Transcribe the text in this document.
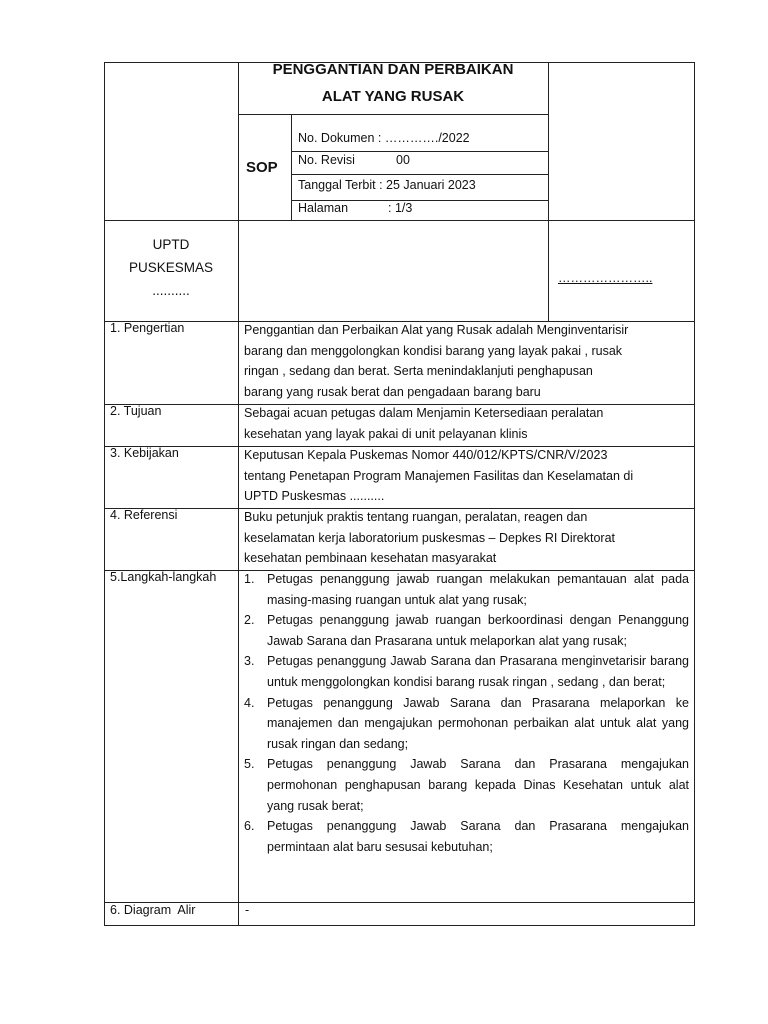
PENGGANTIAN DAN PERBAIKAN
ALAT YANG RUSAK
SOP
No. Dokumen : …………./2022
No. Revisi	00
Tanggal Terbit : 25 Januari 2023
Halaman	: 1/3
UPTD
PUSKESMAS
..........
…………………..
1. Pengertian	Penggantian dan Perbaikan Alat yang Rusak adalah Menginventarisir
barang dan menggolongkan kondisi barang yang layak pakai , rusak
ringan , sedang dan berat. Serta menindaklanjuti penghapusan
barang yang rusak berat dan pengadaan barang baru
2. Tujuan	Sebagai acuan petugas dalam Menjamin Ketersediaan peralatan
kesehatan yang layak pakai di unit pelayanan klinis
3. Kebijakan	Keputusan Kepala Puskemas Nomor 440/012/KPTS/CNR/V/2023
tentang Penetapan Program Manajemen Fasilitas dan Keselamatan di
UPTD Puskesmas ..........
4. Referensi	Buku petunjuk praktis tentang ruangan, peralatan, reagen dan
keselamatan kerja laboratorium puskesmas – Depkes RI Direktorat
kesehatan pembinaan kesehatan masyarakat
5.Langkah-langkah 1. Petugas penanggung jawab ruangan melakukan pemantauan alat pada masing-masing ruangan untuk alat yang rusak;
2. Petugas penanggung jawab ruangan berkoordinasi dengan Penanggung Jawab Sarana dan Prasarana untuk melaporkan alat yang rusak;
3. Petugas penanggung Jawab Sarana dan Prasarana menginvetarisir barang untuk menggolongkan kondisi barang rusak ringan , sedang , dan berat;
4. Petugas penanggung Jawab Sarana dan Prasarana melaporkan ke manajemen dan mengajukan permohonan perbaikan alat untuk alat yang rusak ringan dan sedang;
5. Petugas penanggung Jawab Sarana dan Prasarana mengajukan permohonan penghapusan barang kepada Dinas Kesehatan untuk alat yang rusak berat;
6. Petugas penanggung Jawab Sarana dan Prasarana mengajukan permintaan alat baru sesusai kebutuhan;
6. Diagram  Alir	-
